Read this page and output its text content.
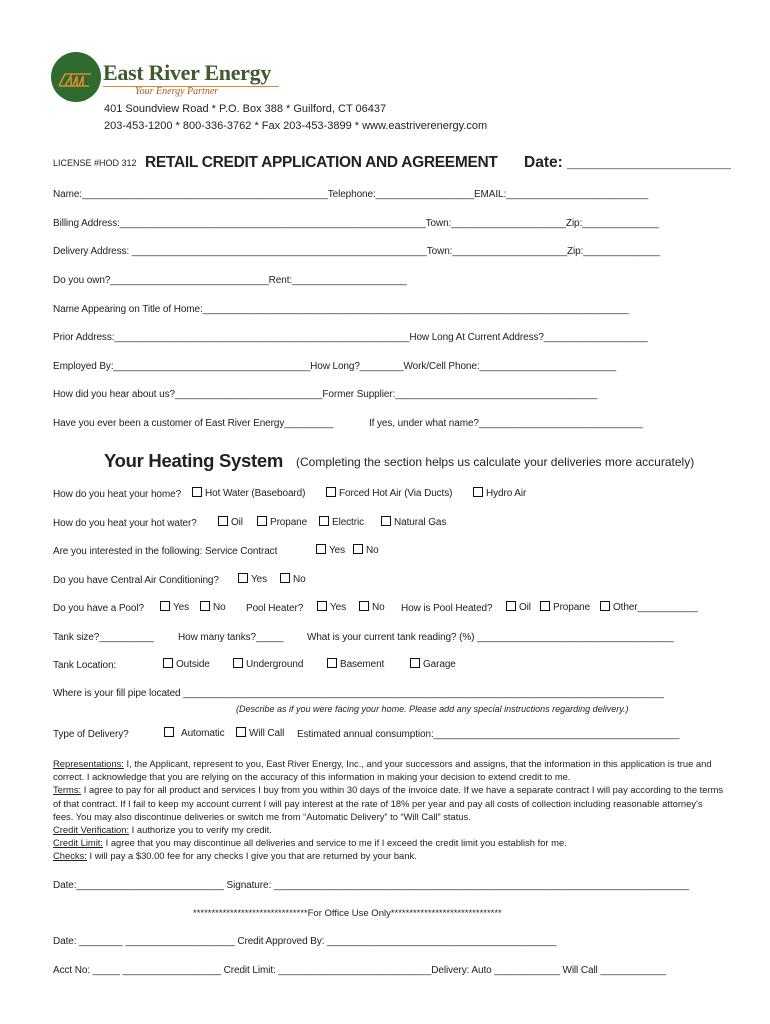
East River Energy
Your Energy Partner
401 Soundview Road * P.O. Box 388 * Guilford, CT 06437
203-453-1200 * 800-336-3762 * Fax 203-453-3899 * www.eastriverenergy.com
LICENSE #HOD 312 RETAIL CREDIT APPLICATION AND AGREEMENT Date: ___________________
Name:_____________________________________________Telephone:__________________EMAIL:__________________________
Billing Address:________________________________________________________Town:_____________________Zip:______________
Delivery Address: ______________________________________________________Town:_____________________Zip:______________
Do you own?_____________________________Rent:_____________________
Name Appearing on Title of Home:______________________________________________________________________________
Prior Address:______________________________________________________How Long At Current Address?___________________
Employed By:____________________________________How Long?________Work/Cell Phone:_________________________
How did you hear about us?___________________________Former Supplier:_____________________________________
Have you ever been a customer of East River Energy_________	If yes, under what name?______________________________
Your Heating System (Completing the section helps us calculate your deliveries more accurately)
How do you heat your home?	Hot Water (Baseboard)	Forced Hot Air (Via Ducts)	Hydro Air
How do you heat your hot water?	Oil	Propane	Electric	Natural Gas
Are you interested in the following: Service Contract	Yes	No
Do you have Central Air Conditioning?	Yes	No
Do you have a Pool?	Yes	No Pool Heater?	Yes	No How is Pool Heated?	Oil	Propane	Other___________
Tank size?__________ How many tanks?_____ What is your current tank reading? (%) ____________________________________
Tank Location:	Outside	Underground	Basement	Garage
Where is your fill pipe located ________________________________________________________________________________________
(Describe as if you were facing your home. Please add any special instructions regarding delivery.)
Type of Delivery?	Automatic	Will Call Estimated annual consumption:_____________________________________________
Representations: I, the Applicant, represent to you, East River Energy, Inc., and your successors and assigns, that the information in this application is true and correct. I acknowledge that you are relying on the accuracy of this information in making your decision to extend credit to me.
Terms: I agree to pay for all product and services I buy from you within 30 days of the invoice date. If we have a separate contract I will pay according to the terms of that contract. If I fail to keep my account current I will pay interest at the rate of 18% per year and pay all costs of collection including reasonable attorney's fees. You may also discontinue deliveries or switch me from “Automatic Delivery” to “Will Call” status.
Credit Verification: I authorize you to verify my credit.
Credit Limit: I agree that you may discontinue all deliveries and service to me if I exceed the credit limit you establish for me.
Checks: I will pay a $30.00 fee for any checks I give you that are returned by your bank.
Date:___________________________ Signature: ____________________________________________________________________________
*******************************For Office Use Only******************************
Date: ________ ____________________ Credit Approved By: __________________________________________
Acct No: _____ __________________ Credit Limit: ____________________________Delivery: Auto ____________ Will Call ____________
